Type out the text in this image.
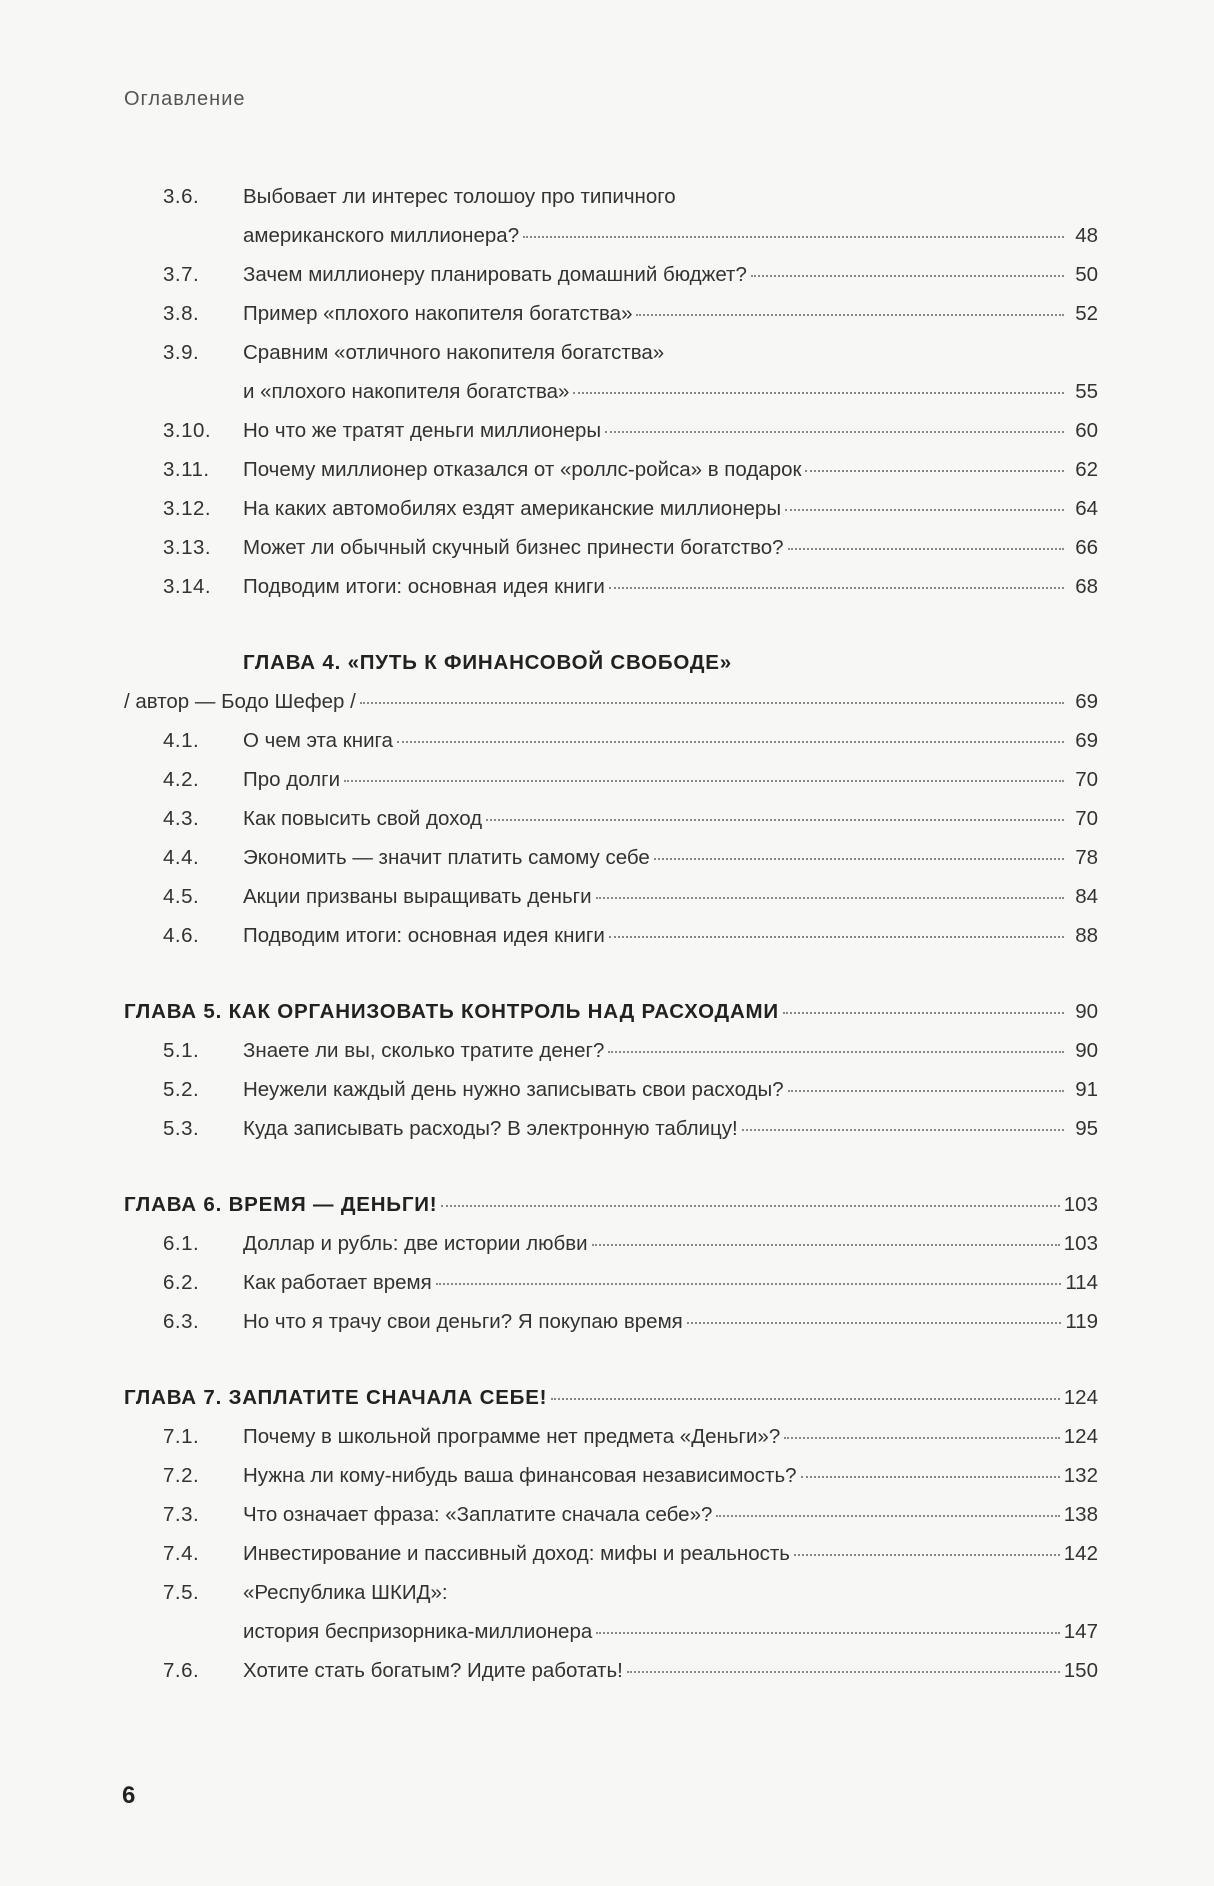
Оглавление
3.6.	Выбовает ли интерес толошоу про типичного
американского миллионера?	48
3.7.	Зачем миллионеру планировать домашний бюджет?	50
3.8.	Пример «плохого накопителя богатства»	52
3.9.	Сравним «отличного накопителя богатства»
и «плохого накопителя богатства»	55
3.10.	Но что же тратят деньги миллионеры	60
3.11.	Почему миллионер отказался от «роллс-ройса» в подарок	62
3.12.	На каких автомобилях ездят американские миллионеры	64
3.13.	Может ли обычный скучный бизнес принести богатство?	66
3.14.	Подводим итоги: основная идея книги	68
ГЛАВА 4. «ПУТЬ К ФИНАНСОВОЙ СВОБОДЕ»
/ автор — Бодо Шефер /	69
4.1.	О чем эта книга	69
4.2.	Про долги	70
4.3.	Как повысить свой доход	70
4.4.	Экономить — значит платить самому себе	78
4.5.	Акции призваны выращивать деньги	84
4.6.	Подводим итоги: основная идея книги	88
ГЛАВА 5. КАК ОРГАНИЗОВАТЬ КОНТРОЛЬ НАД РАСХОДАМИ	90
5.1.	Знаете ли вы, сколько тратите денег?	90
5.2.	Неужели каждый день нужно записывать свои расходы?	91
5.3.	Куда записывать расходы? В электронную таблицу!	95
ГЛАВА 6. ВРЕМЯ — ДЕНЬГИ!	103
6.1.	Доллар и рубль: две истории любви	103
6.2.	Как работает время	114
6.3.	Но что я трачу свои деньги? Я покупаю время	119
ГЛАВА 7. ЗАПЛАТИТЕ СНАЧАЛА СЕБЕ!	124
7.1.	Почему в школьной программе нет предмета «Деньги»?	124
7.2.	Нужна ли кому-нибудь ваша финансовая независимость?	132
7.3.	Что означает фраза: «Заплатите сначала себе»?	138
7.4.	Инвестирование и пассивный доход: мифы и реальность	142
7.5.	«Республика ШКИД»:
история беспризорника-миллионера	147
7.6.	Хотите стать богатым? Идите работать!	150
6
